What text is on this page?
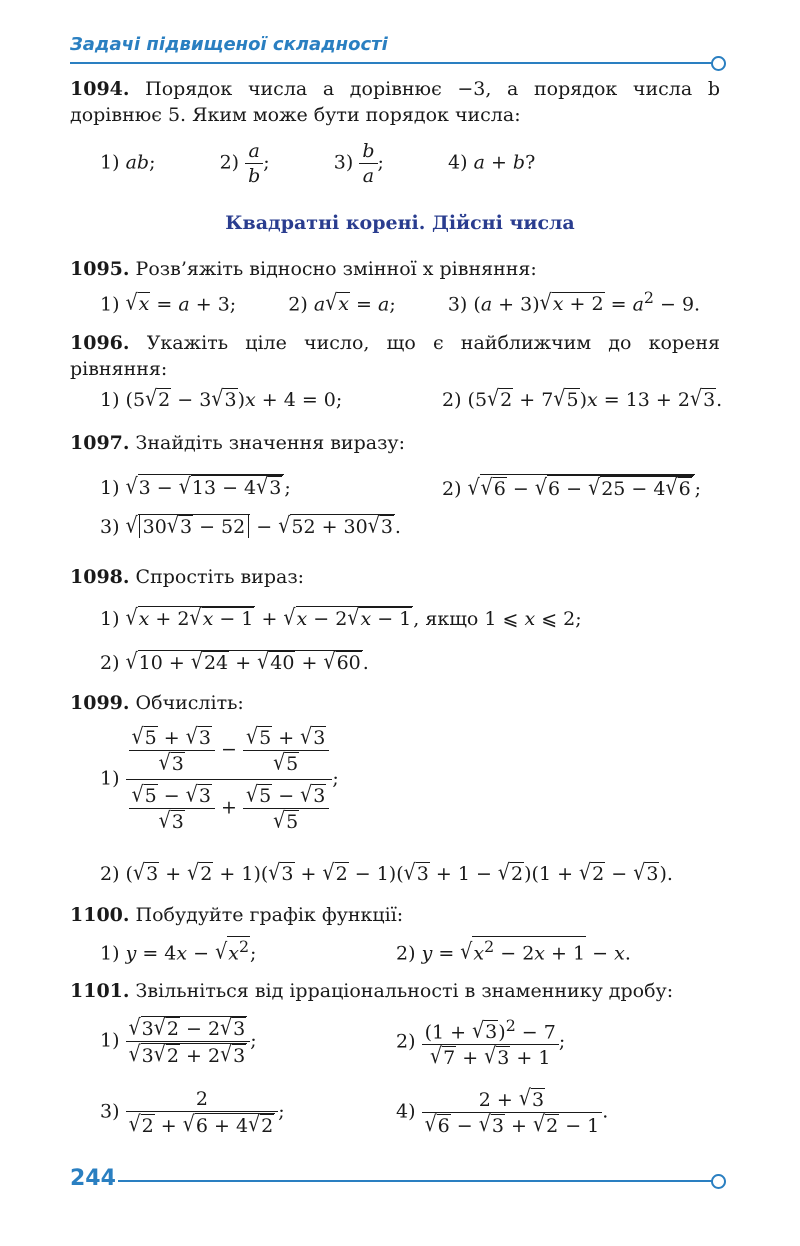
Задачі підвищеної складності
1094. Порядок числа a дорівнює −3, а порядок числа b дорівнює 5. Яким може бути порядок числа:
1) ab;	$2) \frac{a}{b}$ ;	$3) \frac{b}{a}$ ;	4) a + b?
Квадратні корені. Дійсні числа
1095. Розв’яжіть відносно змінної x рівняння:
1) √x = a + 3;  2) a√x = a;  3) $(a + 3)√x + 2 = a^2 - 9$.
1096. Укажіть ціле число, що є найближчим до кореня рівняння:
1) (5√2 − 3√3)x + 4 = 0;	2) (5√2 + 7√5)x = 13 + 2√3.
1097. Знайдіть значення виразу:
1) √3 − √13 − 4√3 ;	2) √√6 − √6 − √25 − 4√6 ;
3) √ 30√3 − 52 − √52 + 30√3 .
1098. Спростіть вираз:
1) √x + 2√x − 1 + √x − 2√x − 1 , якщо 1 ⩽ x ⩽ 2;
2) √10 + √24 + √40 + √60 .
1099. Обчисліть:
$1) \frac{\frac{√5 + √3}{√3} - \frac{√5 + √3}{√5}}{\frac{√5 - √3}{√3} + \frac{√5 - √3}{√5}}$ ;
2) (√3 + √2 + 1)(√3 + √2 − 1)(√3 + 1 − √2)(1 + √2 − √3).
1100. Побудуйте графік функції:
1) $y = 4x - √x^2$;	2) $y = √x^2 - 2x + 1 - x$.
1101. Звільніться від ірраціональності в знаменнику дробу:
$1) \frac{√3√2 - 2√3}{√3√2 + 2√3}$ ;	$2) \frac{(1 + √3)^2 - 7}{√7 + √3 + 1}$ ;
$3) \frac{2}{√2 + √6 + 4√2}$ ;	$4) \frac{2 + √3}{√6 - √3 + √2 - 1}$ .
244
